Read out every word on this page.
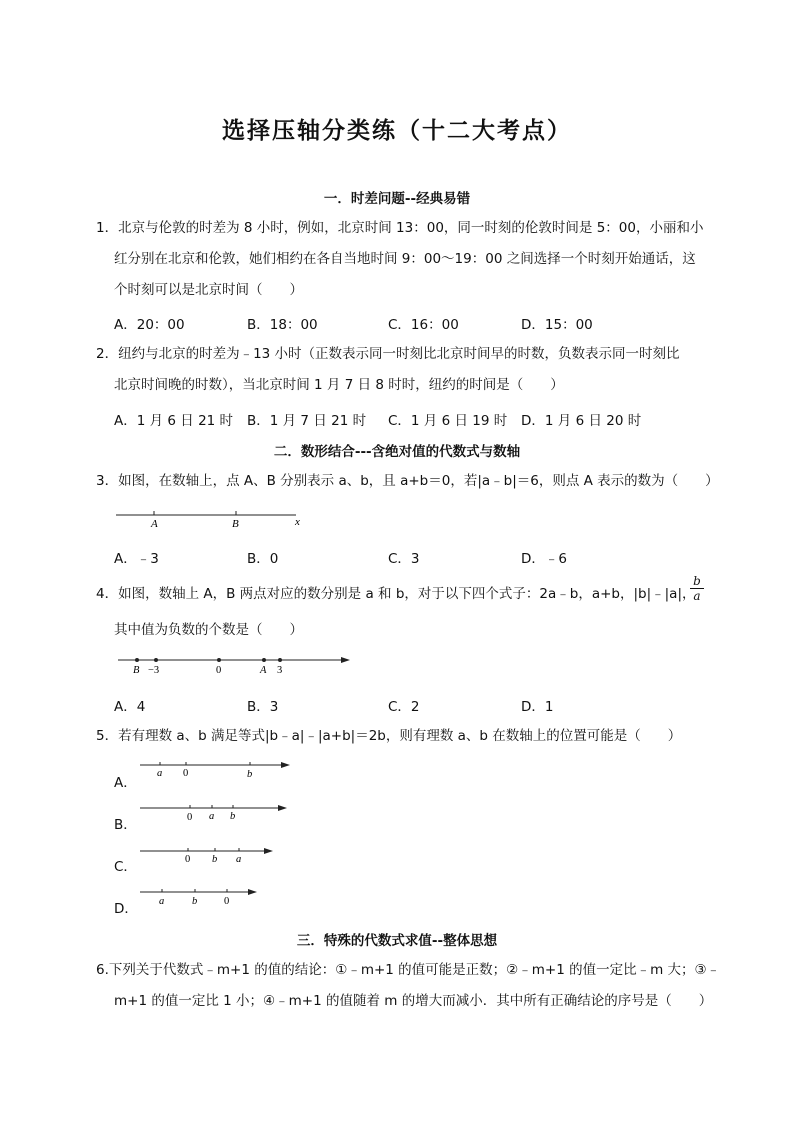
选择压轴分类练（十二大考点）
一．时差问题--经典易错
1．北京与伦敦的时差为 8 小时，例如，北京时间 13：00，同一时刻的伦敦时间是 5：00，小丽和小
红分别在北京和伦敦，她们相约在各自当地时间 9：00～19：00 之间选择一个时刻开始通话，这
个时刻可以是北京时间（　　）
A．20：00	B．18：00	C．16：00	D．15：00
2．纽约与北京的时差为﹣13 小时（正数表示同一时刻比北京时间早的时数，负数表示同一时刻比
北京时间晚的时数），当北京时间 1 月 7 日 8 时时，纽约的时间是（　　）
A．1 月 6 日 21 时 B．1 月 7 日 21 时 C．1 月 6 日 19 时 D．1 月 6 日 20 时
二．数形结合---含绝对值的代数式与数轴
3．如图，在数轴上，点 A、B 分别表示 a、b，且 a+b＝0，若|a﹣b|＝6，则点 A 表示的数为（　　）
A	B	x
A．﹣3	B．0	C．3	D．﹣6
4．如图，数轴上 A，B 两点对应的数分别是 a 和 b，对于以下四个式子：2a﹣b，a+b，|b|﹣|a|，
$\frac{b}{a}$
其中值为负数的个数是（　　）
B −3	0	A 3
A．4	B．3	C．2	D．1
5．若有理数 a、b 满足等式|b﹣a|﹣|a+b|＝2b，则有理数 a、b 在数轴上的位置可能是（　　）
A．
a 0	b
B．	0 a b
C．	0 b a
D． a	b	0
三．特殊的代数式求值--整体思想
6.下列关于代数式﹣m+1 的值的结论：①﹣m+1 的值可能是正数；②﹣m+1 的值一定比﹣m 大；③﹣
m+1 的值一定比 1 小；④﹣m+1 的值随着 m 的增大而减小．其中所有正确结论的序号是（　　）
